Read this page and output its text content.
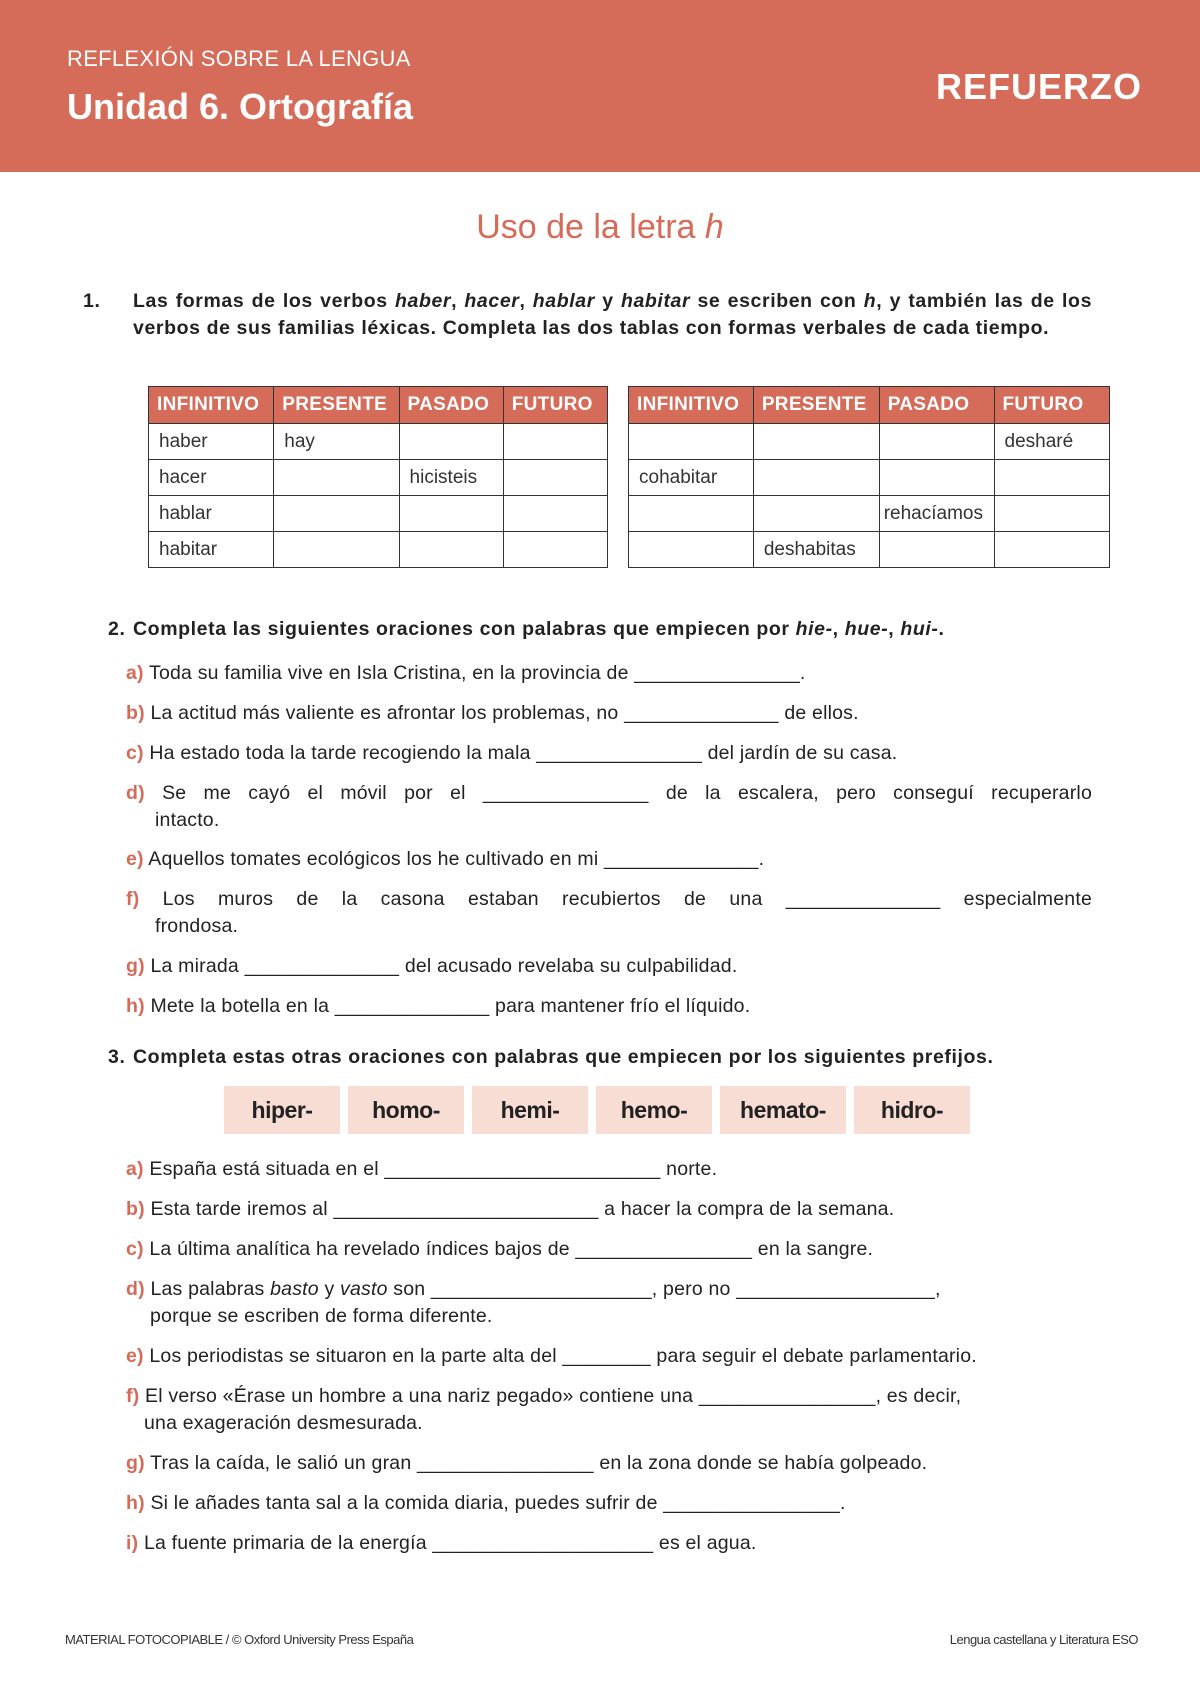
REFLEXIÓN SOBRE LA LENGUA
Unidad 6. Ortografía	REFUERZO
Uso de la letra h
1. Las formas de los verbos haber, hacer, hablar y habitar se escriben con h, y también las de los verbos de sus familias léxicas. Completa las dos tablas con formas verbales de cada tiempo.
INFINITIVO	PRESENTE	PASADO	FUTURO
haber	hay		
hacer		hicisteis	
hablar			
habitar			
INFINITIVO	PRESENTE	PASADO	FUTURO
			desharé
cohabitar			
		rehacíamos	
	deshabitas		
2. Completa las siguientes oraciones con palabras que empiecen por hie-, hue-, hui-.
a) Toda su familia vive en Isla Cristina, en la provincia de _______________.
b) La actitud más valiente es afrontar los problemas, no ______________ de ellos.
c) Ha estado toda la tarde recogiendo la mala _______________ del jardín de su casa.
d) Se me cayó el móvil por el _______________ de la escalera, pero conseguí recuperarlo
intacto.
e) Aquellos tomates ecológicos los he cultivado en mi ______________.
f) Los muros de la casona estaban recubiertos de una ______________ especialmente
frondosa.
g) La mirada ______________ del acusado revelaba su culpabilidad.
h) Mete la botella en la ______________ para mantener frío el líquido.
3. Completa estas otras oraciones con palabras que empiecen por los siguientes prefijos.
hiper-	homo-	hemi-	hemo-	hemato-	hidro-
a) España está situada en el _________________________ norte.
b) Esta tarde iremos al ________________________ a hacer la compra de la semana.
c) La última analítica ha revelado índices bajos de ________________ en la sangre.
d) Las palabras basto y vasto son ____________________, pero no __________________,
porque se escriben de forma diferente.
e) Los periodistas se situaron en la parte alta del ________ para seguir el debate parlamentario.
f) El verso «Érase un hombre a una nariz pegado» contiene una ________________, es decir,
una exageración desmesurada.
g) Tras la caída, le salió un gran ________________ en la zona donde se había golpeado.
h) Si le añades tanta sal a la comida diaria, puedes sufrir de ________________.
i) La fuente primaria de la energía ____________________ es el agua.
MATERIAL FOTOCOPIABLE / © Oxford University Press España	Lengua castellana y Literatura ESO
